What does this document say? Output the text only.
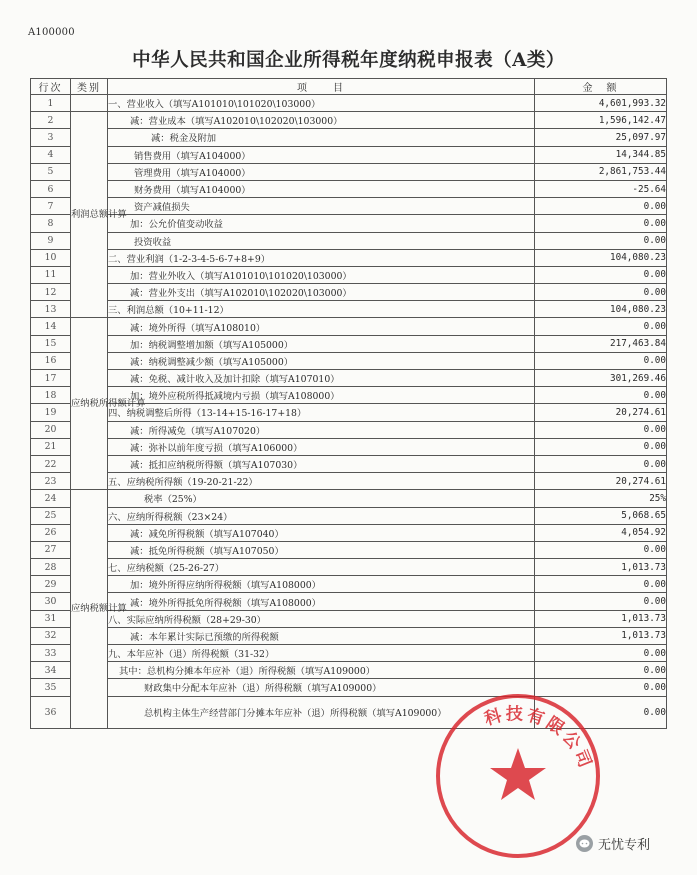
A100000
中华人民共和国企业所得税年度纳税申报表（A类）
行次	类别	项　　目	金　额
1		一、营业收入（填写A101010\101020\103000）	4,601,993.32
2	利润总额计算	减：营业成本（填写A102010\102020\103000）	1,596,142.47
3		减：税金及附加	25,097.97
4		销售费用（填写A104000）	14,344.85
5		管理费用（填写A104000）	2,861,753.44
6		财务费用（填写A104000）	-25.64
7		资产减值损失	0.00
8		加：公允价值变动收益	0.00
9		投资收益	0.00
10		二、营业利润（1-2-3-4-5-6-7+8+9）	104,080.23
11		加：营业外收入（填写A101010\101020\103000）	0.00
12		减：营业外支出（填写A102010\102020\103000）	0.00
13		三、利润总额（10+11-12）	104,080.23
14	应纳税所得额计算	减：境外所得（填写A108010）	0.00
15		加：纳税调整增加额（填写A105000）	217,463.84
16		减：纳税调整减少额（填写A105000）	0.00
17		减：免税、减计收入及加计扣除（填写A107010）	301,269.46
18		加：境外应税所得抵减境内亏损（填写A108000）	0.00
19		四、纳税调整后所得（13-14+15-16-17+18）	20,274.61
20		减：所得减免（填写A107020）	0.00
21		减：弥补以前年度亏损（填写A106000）	0.00
22		减：抵扣应纳税所得额（填写A107030）	0.00
23		五、应纳税所得额（19-20-21-22）	20,274.61
24	应纳税额计算	税率（25%）	25%
25		六、应纳所得税额（23×24）	5,068.65
26		减：减免所得税额（填写A107040）	4,054.92
27		减：抵免所得税额（填写A107050）	0.00
28		七、应纳税额（25-26-27）	1,013.73
29		加：境外所得应纳所得税额（填写A108000）	0.00
30		减：境外所得抵免所得税额（填写A108000）	0.00
31		八、实际应纳所得税额（28+29-30）	1,013.73
32		减：本年累计实际已预缴的所得税额	1,013.73
33		九、本年应补（退）所得税额（31-32）	0.00
34		其中：总机构分摊本年应补（退）所得税额（填写A109000）	0.00
35		财政集中分配本年应补（退）所得税额（填写A109000）	0.00
36		总机构主体生产经营部门分摊本年应补（退）所得税额（填写A109000）	0.00
科技有限公司
无忧专利
